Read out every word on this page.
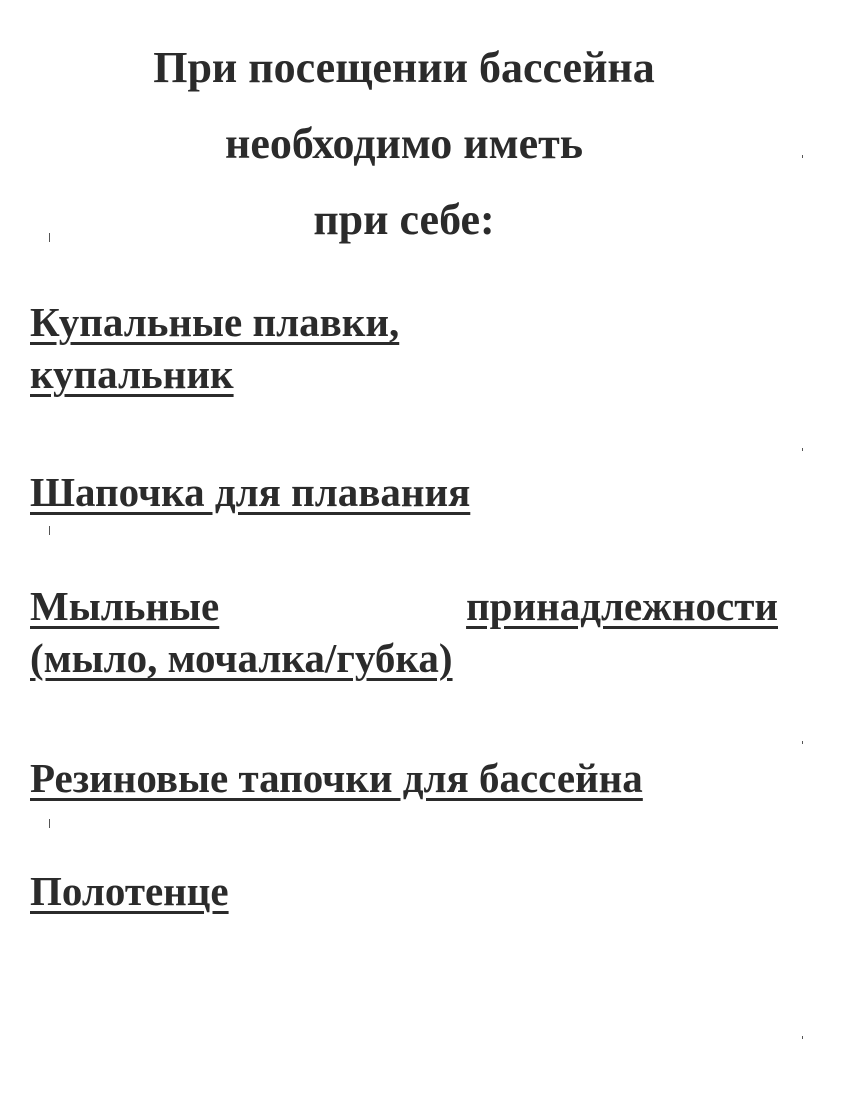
При посещении бассейна
необходимо иметь
при себе:

Купальные плавки,
купальник

Шапочка для плавания

Мыльные	принадлежности
(мыло, мочалка/губка)

Резиновые тапочки для бассейна

Полотенце
